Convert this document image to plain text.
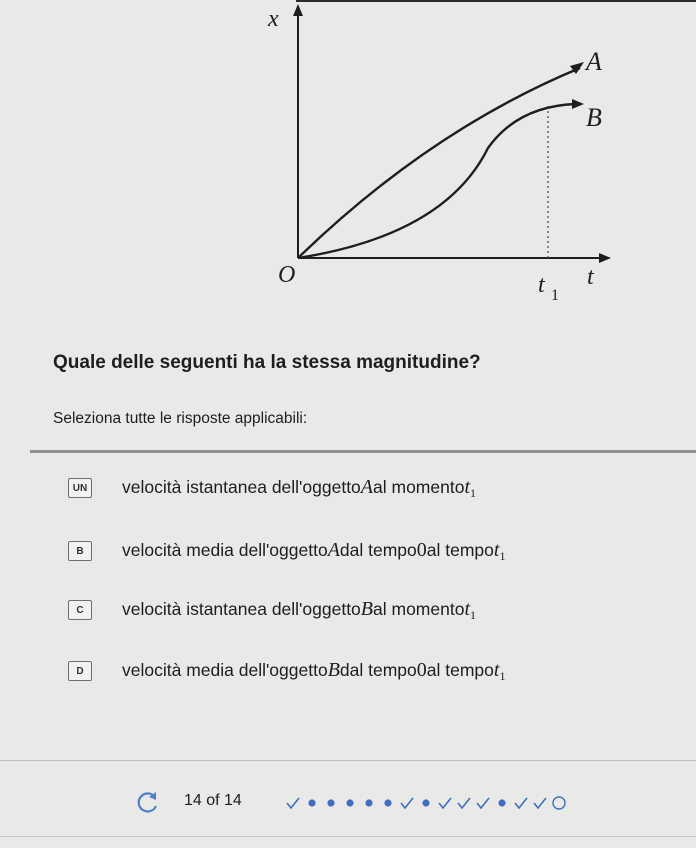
x
O
A
B
t 1
t
Quale delle seguenti ha la stessa magnitudine?
Seleziona tutte le risposte applicabili:
UN velocità istantanea dell'oggettoAal momentot$_1$
B	velocità media dell'oggettoAdal tempo0al tempot$_1$
C	velocità istantanea dell'oggettoBal momentot$_1$
D	velocità media dell'oggettoBdal tempo0al tempot$_1$
14 of 14
